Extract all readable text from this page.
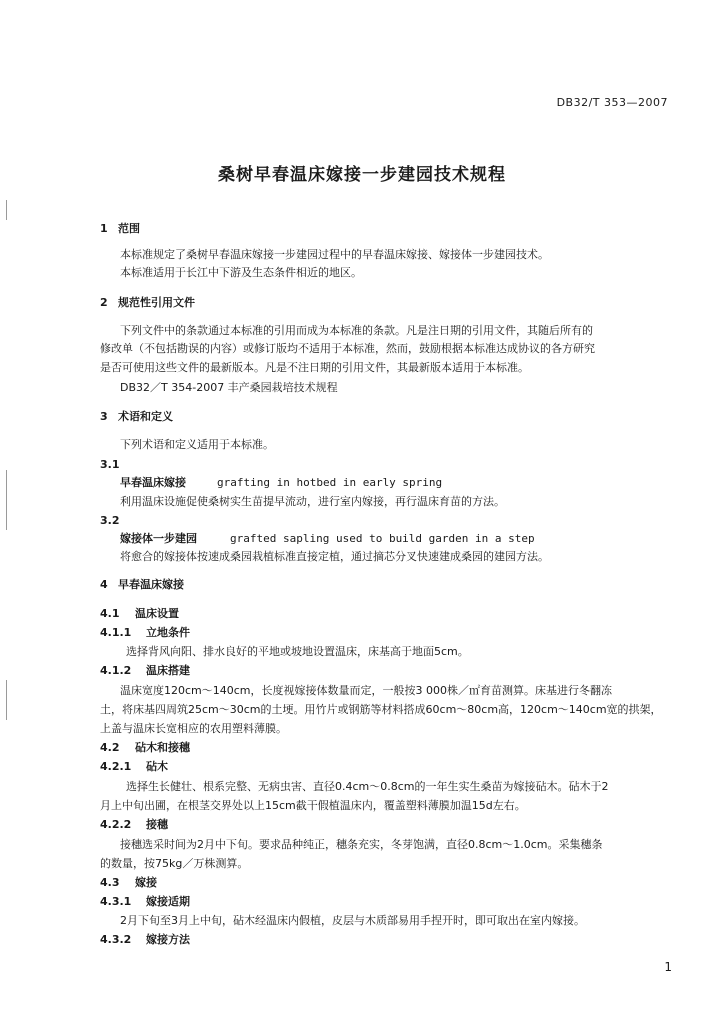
DB32/T 353—2007
桑树早春温床嫁接一步建园技术规程
1 范围
本标准规定了桑树早春温床嫁接一步建园过程中的早春温床嫁接、嫁接体一步建园技术。
本标准适用于长江中下游及生态条件相近的地区。
2 规范性引用文件
下列文件中的条款通过本标准的引用而成为本标准的条款。凡是注日期的引用文件，其随后所有的
修改单（不包括勘误的内容）或修订版均不适用于本标准，然而，鼓励根据本标准达成协议的各方研究
是否可使用这些文件的最新版本。凡是不注日期的引用文件，其最新版本适用于本标准。
DB32／T 354-2007 丰产桑园栽培技术规程
3 术语和定义
下列术语和定义适用于本标准。
3.1
早春温床嫁接	grafting in hotbed in early spring
利用温床设施促使桑树实生苗提早流动，进行室内嫁接，再行温床育苗的方法。
3.2
嫁接体一步建园	grafted sapling used to build garden in a step
将愈合的嫁接体按速成桑园栽植标准直接定植，通过摘芯分叉快速建成桑园的建园方法。
4 早春温床嫁接
4.1 温床设置
4.1.1 立地条件
选择背风向阳、排水良好的平地或坡地设置温床，床基高于地面5cm。
4.1.2 温床搭建
温床宽度120cm～140cm，长度视嫁接体数量而定，一般按3 000株／㎡育苗测算。床基进行冬翻冻
土，将床基四周筑25cm～30cm的土埂。用竹片或钢筋等材料搭成60cm～80cm高，120cm～140cm宽的拱架，
上盖与温床长宽相应的农用塑料薄膜。
4.2 砧木和接穗
4.2.1 砧木
选择生长健壮、根系完整、无病虫害、直径0.4cm～0.8cm的一年生实生桑苗为嫁接砧木。砧木于2
月上中旬出圃，在根茎交界处以上15cm截干假植温床内，覆盖塑料薄膜加温15d左右。
4.2.2 接穗
接穗选采时间为2月中下旬。要求品种纯正，穗条充实，冬芽饱满，直径0.8cm～1.0cm。采集穗条
的数量，按75kg／万株测算。
4.3 嫁接
4.3.1 嫁接适期
2月下旬至3月上中旬，砧木经温床内假植，皮层与木质部易用手捏开时，即可取出在室内嫁接。
4.3.2 嫁接方法
1
